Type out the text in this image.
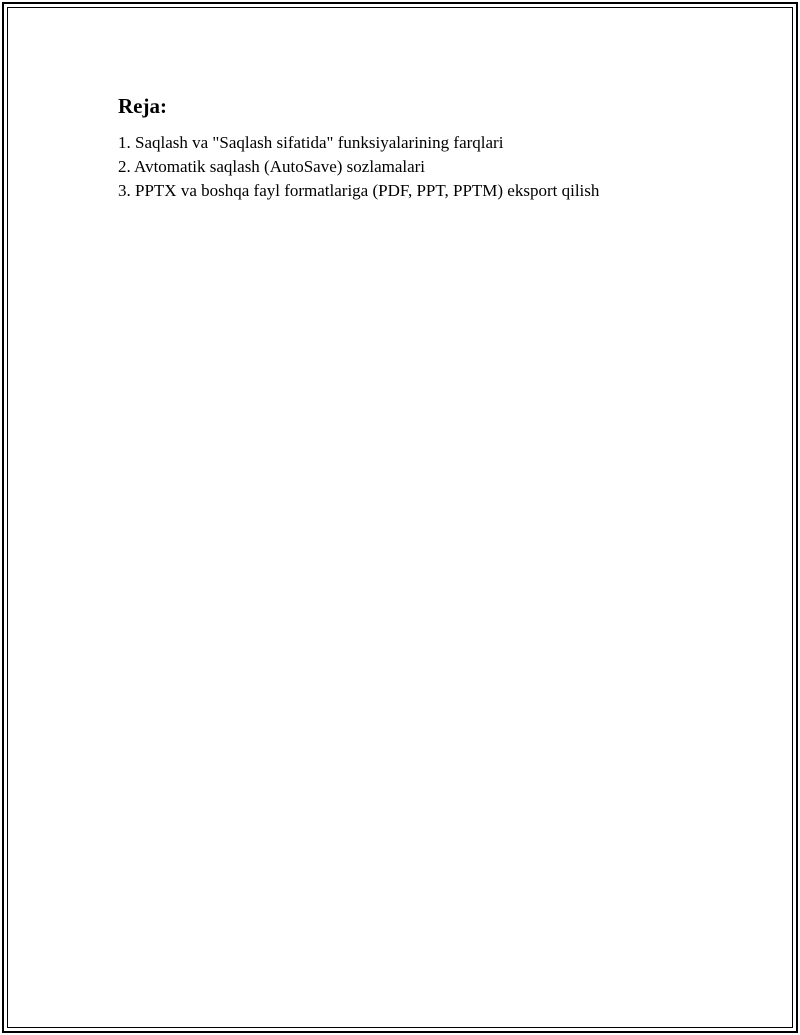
Reja:
1. Saqlash va "Saqlash sifatida" funksiyalarining farqlari
2. Avtomatik saqlash (AutoSave) sozlamalari
3. PPTX va boshqa fayl formatlariga (PDF, PPT, PPTM) eksport qilish
